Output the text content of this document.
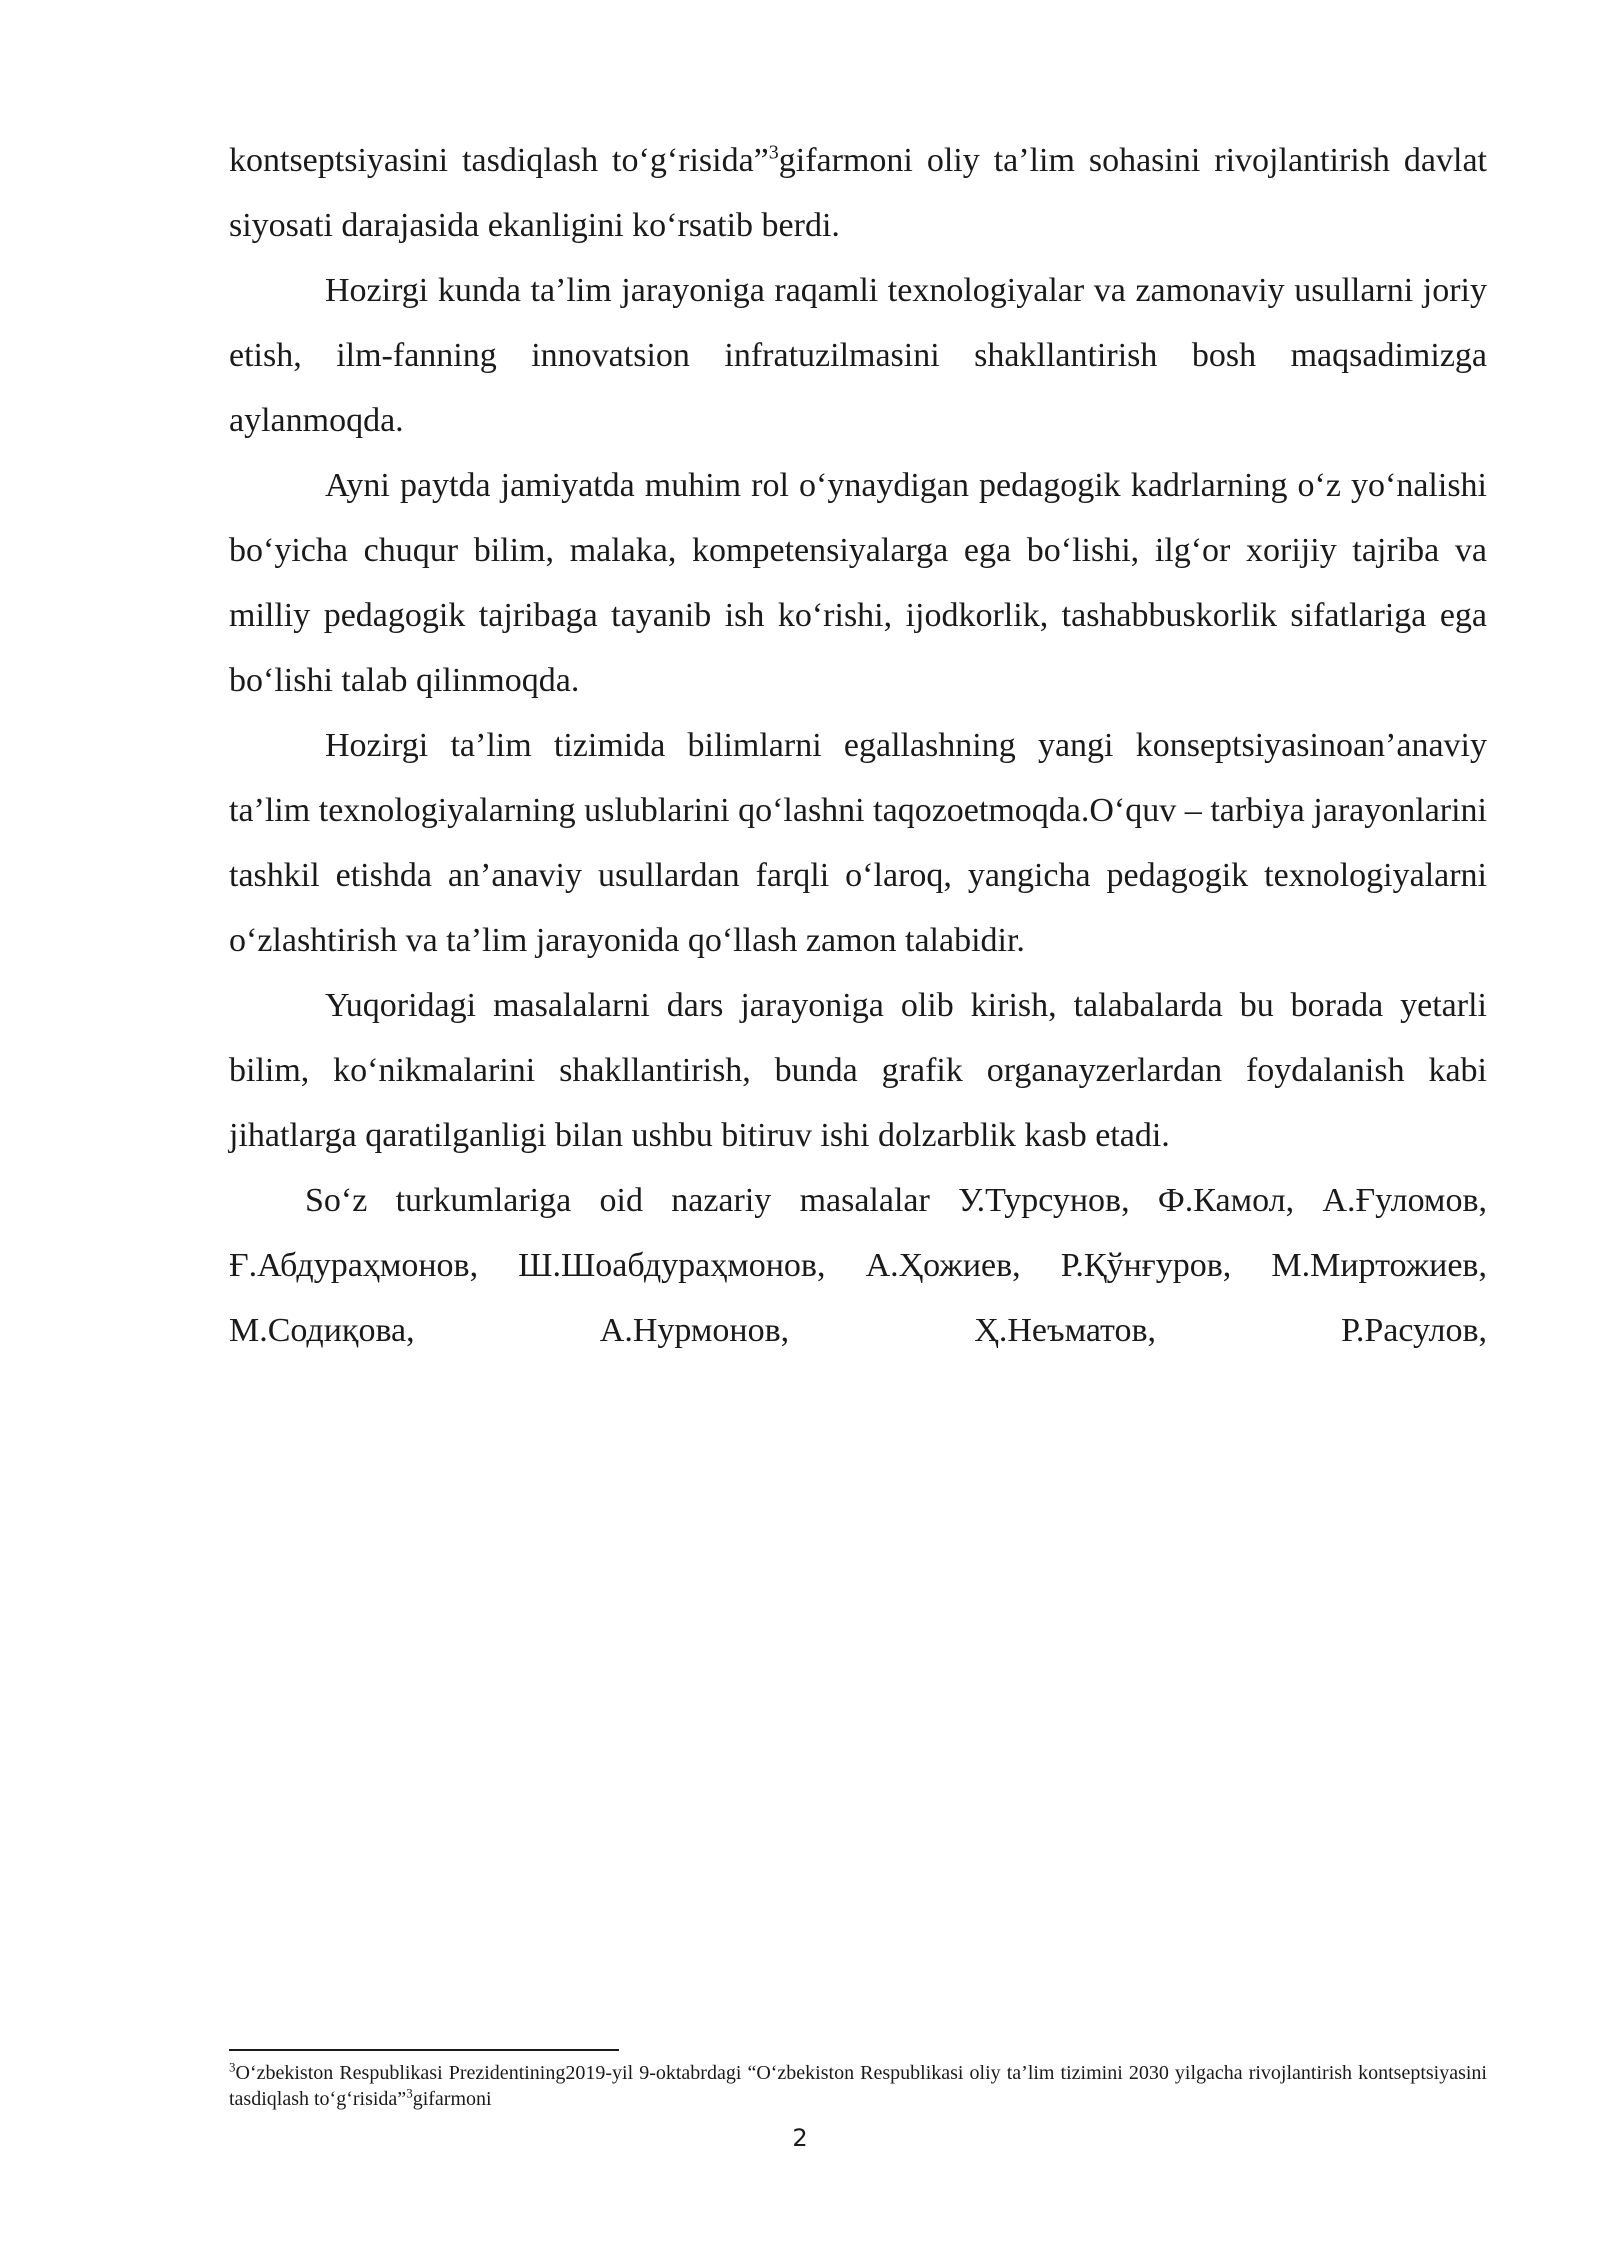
kontseptsiyasini tasdiqlash to‘g‘risida”$^3$gifarmoni oliy ta’lim sohasini rivojlantirish davlat siyosati darajasida ekanligini ko‘rsatib berdi.

Hozirgi kunda ta’lim jarayoniga raqamli texnologiyalar va zamonaviy usullarni joriy etish, ilm-fanning innovatsion infratuzilmasini shakllantirish bosh maqsadimizga aylanmoqda.

Ayni paytda jamiyatda muhim rol o‘ynaydigan pedagogik kadrlarning o‘z yo‘nalishi bo‘yicha chuqur bilim, malaka, kompetensiyalarga ega bo‘lishi, ilg‘or xorijiy tajriba va milliy pedagogik tajribaga tayanib ish ko‘rishi, ijodkorlik, tashabbuskorlik sifatlariga ega bo‘lishi talab qilinmoqda.

Hozirgi ta’lim tizimida bilimlarni egallashning yangi konseptsiyasinoan’anaviy ta’lim texnologiyalarning uslublarini qo‘lashni taqozoetmoqda.O‘quv – tarbiya jarayonlarini tashkil etishda an’anaviy usullardan farqli o‘laroq, yangicha pedagogik texnologiyalarni o‘zlashtirish va ta’lim jarayonida qo‘llash zamon talabidir.

Yuqoridagi masalalarni dars jarayoniga olib kirish, talabalarda bu borada yetarli bilim, ko‘nikmalarini shakllantirish, bunda grafik organayzerlardan foydalanish kabi jihatlarga qaratilganligi bilan ushbu bitiruv ishi dolzarblik kasb etadi.

So‘z turkumlariga oid nazariy masalalar У.Турсунов, Ф.Камол, А.Ғуломов, Ғ.Абдураҳмонов, Ш.Шоабдураҳмонов, А.Ҳожиев, Р.Қўнғуров, М.Миртожиев, М.Содиқова, А.Нурмонов, Ҳ.Неъматов, Р.Расулов,

$^3$O‘zbekiston Respublikasi Prezidentining2019-yil 9-oktabrdagi “O‘zbekiston Respublikasi oliy ta’lim tizimini 2030 yilgacha rivojlantirish kontseptsiyasini tasdiqlash to‘g‘risida”$^3$gifarmoni

2
